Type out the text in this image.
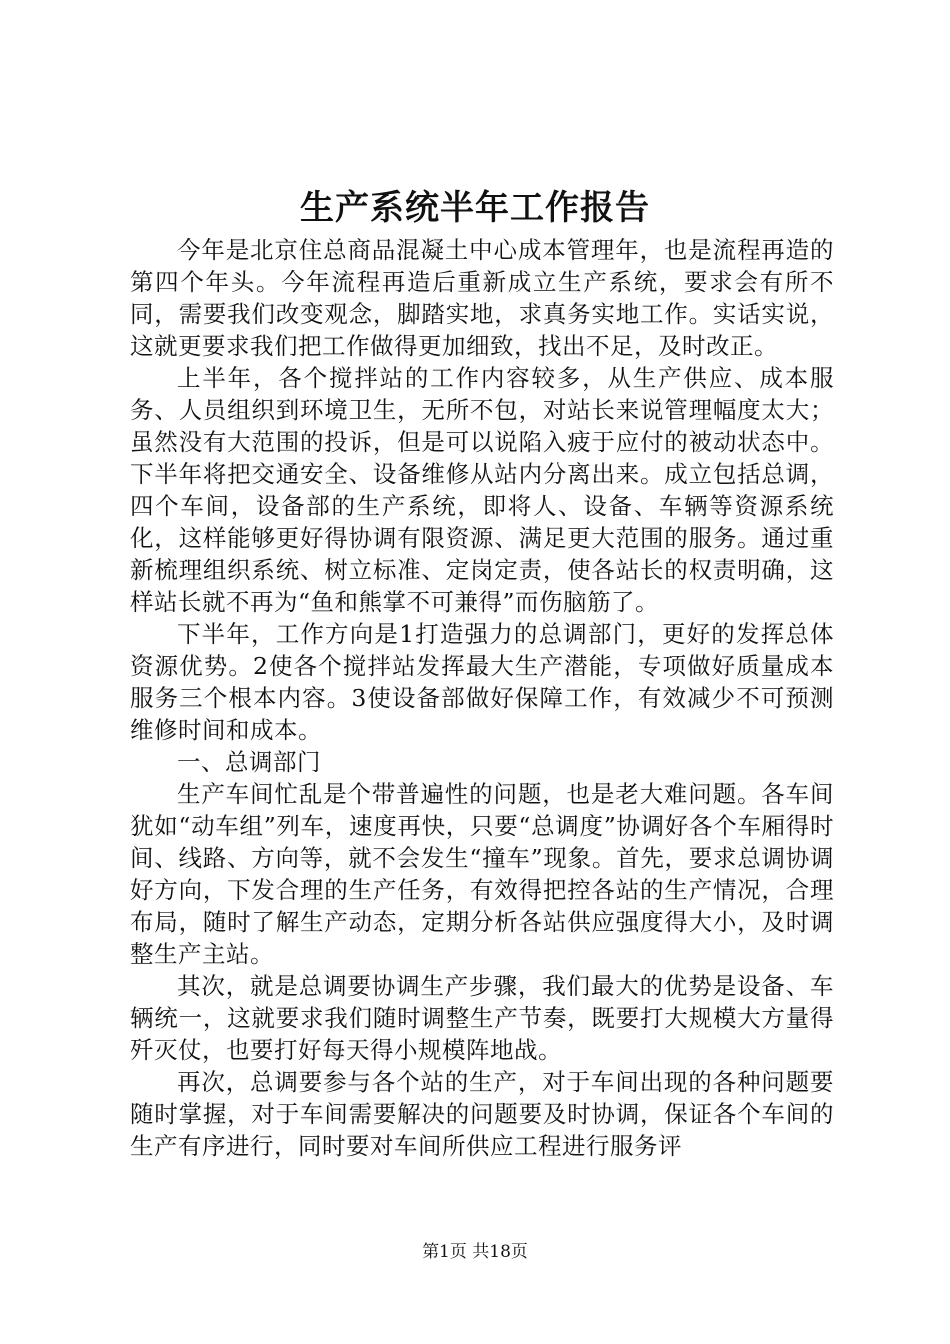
生产系统半年工作报告

今年是北京住总商品混凝土中心成本管理年，也是流程再造的第四个年头。今年流程再造后重新成立生产系统，要求会有所不同，需要我们改变观念，脚踏实地，求真务实地工作。实话实说，这就更要求我们把工作做得更加细致，找出不足，及时改正。

上半年，各个搅拌站的工作内容较多，从生产供应、成本服务、人员组织到环境卫生，无所不包，对站长来说管理幅度太大；虽然没有大范围的投诉，但是可以说陷入疲于应付的被动状态中。下半年将把交通安全、设备维修从站内分离出来。成立包括总调，四个车间，设备部的生产系统，即将人、设备、车辆等资源系统化，这样能够更好得协调有限资源、满足更大范围的服务。通过重新梳理组织系统、树立标准、定岗定责，使各站长的权责明确，这样站长就不再为“鱼和熊掌不可兼得”而伤脑筋了。

下半年，工作方向是1打造强力的总调部门，更好的发挥总体资源优势。2使各个搅拌站发挥最大生产潜能，专项做好质量成本服务三个根本内容。3使设备部做好保障工作，有效减少不可预测维修时间和成本。

一、总调部门

生产车间忙乱是个带普遍性的问题，也是老大难问题。各车间犹如“动车组”列车，速度再快，只要“总调度”协调好各个车厢得时间、线路、方向等，就不会发生“撞车”现象。首先，要求总调协调好方向，下发合理的生产任务，有效得把控各站的生产情况，合理布局，随时了解生产动态，定期分析各站供应强度得大小，及时调整生产主站。

其次，就是总调要协调生产步骤，我们最大的优势是设备、车辆统一，这就要求我们随时调整生产节奏，既要打大规模大方量得歼灭仗，也要打好每天得小规模阵地战。

再次，总调要参与各个站的生产，对于车间出现的各种问题要随时掌握，对于车间需要解决的问题要及时协调，保证各个车间的生产有序进行，同时要对车间所供应工程进行服务评

第1页 共18页
